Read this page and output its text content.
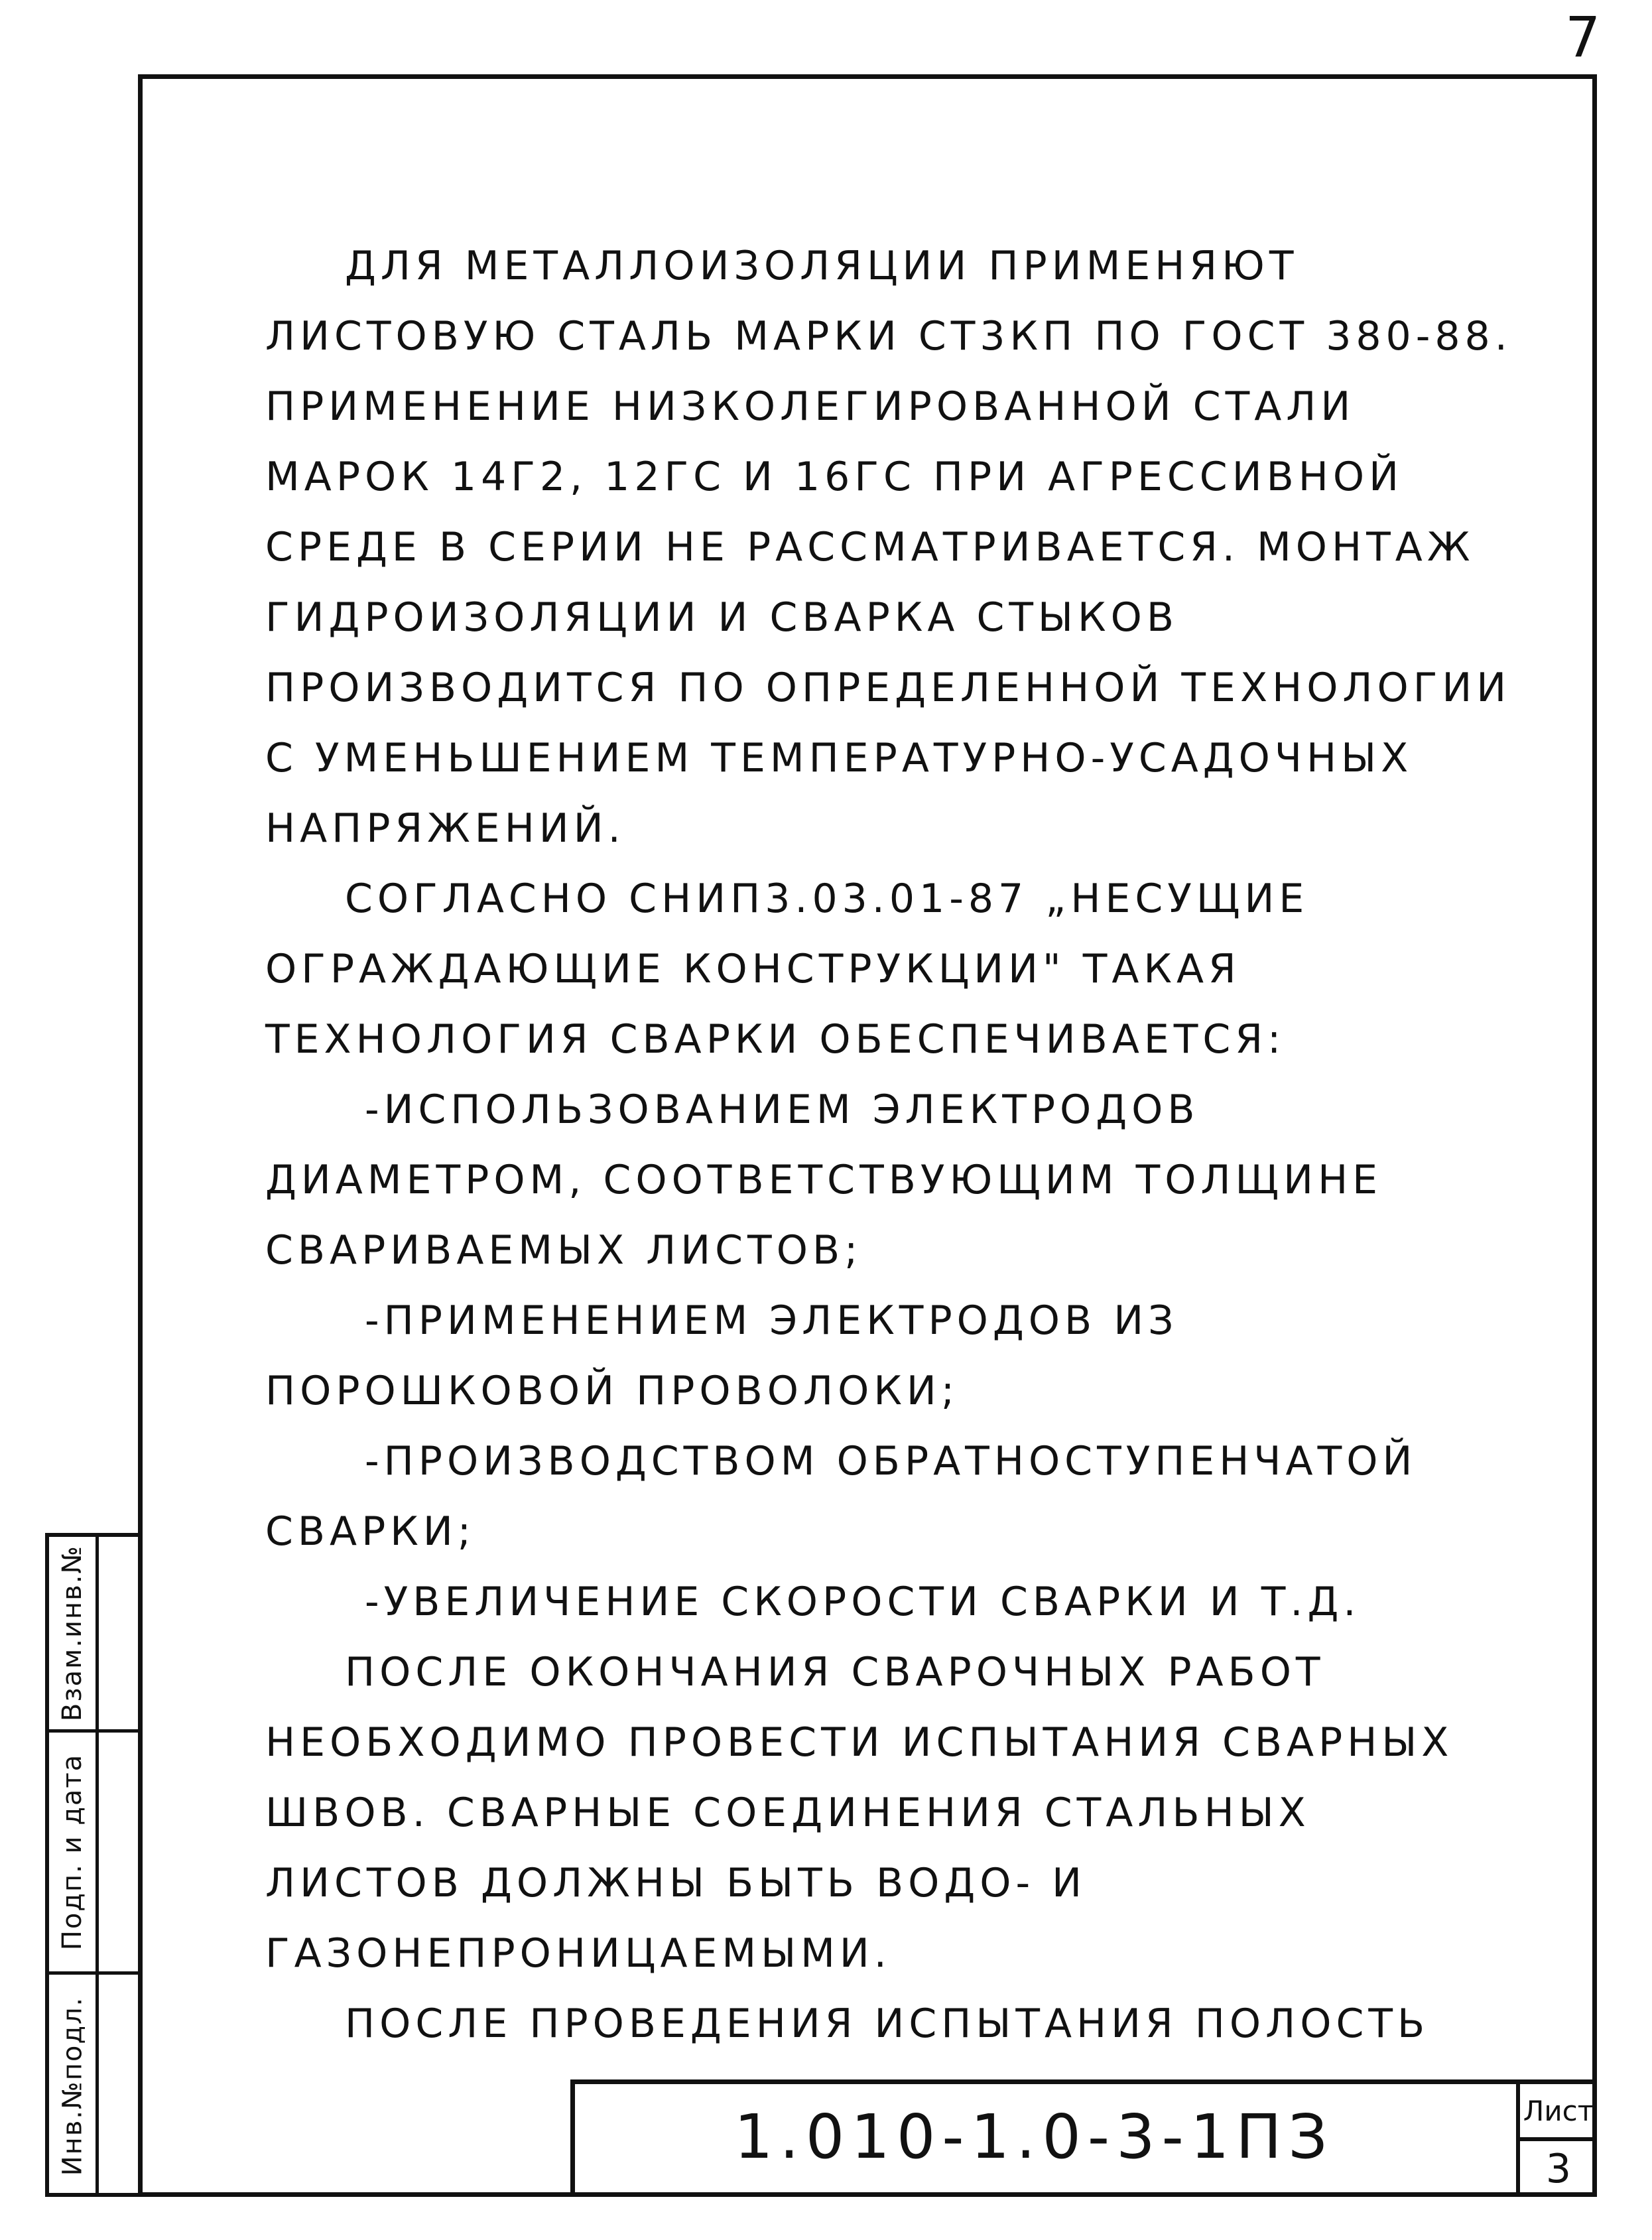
7

ДЛЯ МЕТАЛЛОИЗОЛЯЦИИ ПРИМЕНЯЮТ ЛИСТОВУЮ СТАЛЬ МАРКИ СТ3КП ПО ГОСТ 380-88. ПРИМЕНЕНИЕ НИЗКОЛЕГИРОВАННОЙ СТАЛИ МАРОК 14Г2, 12ГС И 16ГС ПРИ АГРЕССИВНОЙ СРЕДЕ В СЕРИИ НЕ РАССМАТРИВАЕТСЯ. МОНТАЖ ГИДРОИЗОЛЯЦИИ И СВАРКА СТЫКОВ ПРОИЗВОДИТСЯ ПО ОПРЕДЕЛЕННОЙ ТЕХНОЛОГИИ С УМЕНЬШЕНИЕМ ТЕМПЕРАТУРНО-УСАДОЧНЫХ НАПРЯЖЕНИЙ.

СОГЛАСНО СНИП3.03.01-87 „НЕСУЩИЕ ОГРАЖДАЮЩИЕ КОНСТРУКЦИИ" ТАКАЯ ТЕХНОЛОГИЯ СВАРКИ ОБЕСПЕЧИВАЕТСЯ:

-ИСПОЛЬЗОВАНИЕМ ЭЛЕКТРОДОВ ДИАМЕТРОМ, СООТВЕТСТВУЮЩИМ ТОЛЩИНЕ СВАРИВАЕМЫХ ЛИСТОВ;

-ПРИМЕНЕНИЕМ ЭЛЕКТРОДОВ ИЗ ПОРОШКОВОЙ ПРОВОЛОКИ;

-ПРОИЗВОДСТВОМ ОБРАТНОСТУПЕНЧАТОЙ СВАРКИ;

-УВЕЛИЧЕНИЕ СКОРОСТИ СВАРКИ И Т.Д.

ПОСЛЕ ОКОНЧАНИЯ СВАРОЧНЫХ РАБОТ НЕОБХОДИМО ПРОВЕСТИ ИСПЫТАНИЯ СВАРНЫХ ШВОВ. СВАРНЫЕ СОЕДИНЕНИЯ СТАЛЬНЫХ ЛИСТОВ ДОЛЖНЫ БЫТЬ ВОДО- И ГАЗОНЕПРОНИЦАЕМЫМИ.

ПОСЛЕ ПРОВЕДЕНИЯ ИСПЫТАНИЯ ПОЛОСТЬ

Взам.инв.№
Подп. и дата
Инв.№подл.	1.010-1.0-3-1ПЗ	Лист
3
